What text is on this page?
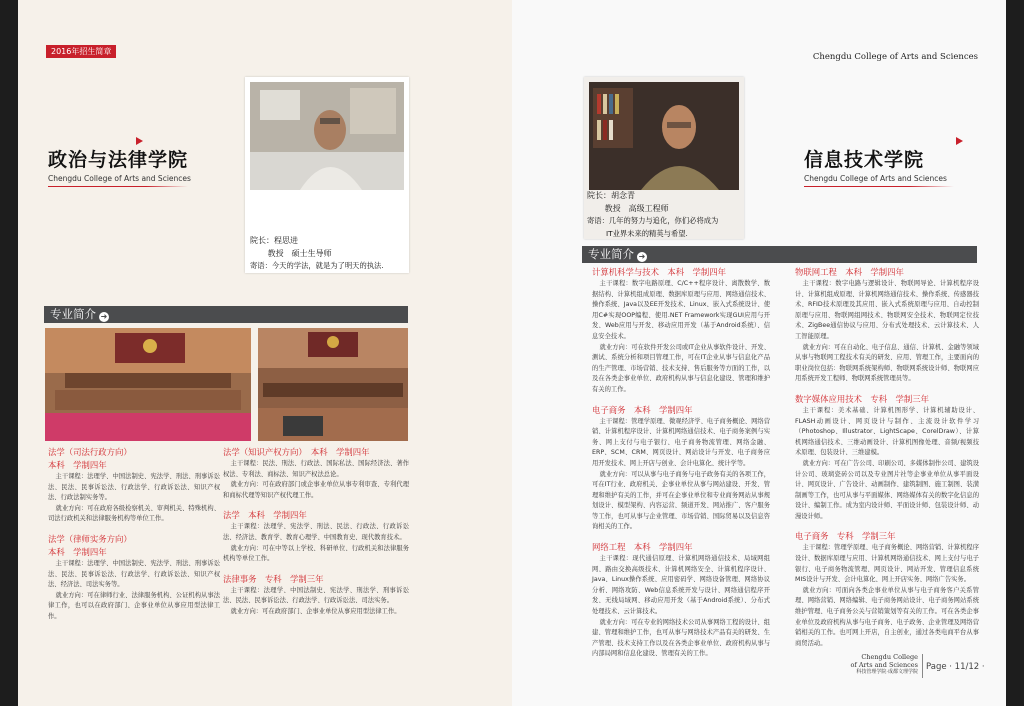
2016年招生简章
政治与法律学院
Chengdu College of Arts and Sciences
院长：程思进
教授　硕士生导师
寄语：今天的学法，就是为了明天的执法.
专业简介 ➜
法学（司法行政方向）
本科　学制四年

主干课程：法理学、中国法制史、宪法学、刑法、刑事诉讼法、民法、民事诉讼法、行政法学、行政诉讼法、知识产权法、行政法制实务等。

就业方向：可在政府各级检察机关、审判机关、特殊机构、司法行政机关和法律服务机构等单位工作。

法学（律师实务方向）
本科　学制四年

主干课程：法理学、中国法制史、宪法学、刑法、刑事诉讼法、民法、民事诉讼法、行政法学、行政诉讼法、知识产权法、经济法、司法实务等。

就业方向：可在律师行业、法律服务机构、公证机构从事法律工作，也可以在政府部门、企事业单位从事应用型法律工作。

法学（知识产权方向）　本科　学制四年

主干课程：民法、刑法、行政法、国际私法、国际经济法、著作权法、专利法、商标法、知识产权法总论。

就业方向：可在政府部门或企事业单位从事专利审查、专利代理和商标代理等知识产权代理工作。

法学　本科　学制四年

主干课程：法理学、宪法学、刑法、民法、行政法、行政诉讼法、经济法、教育学、教育心理学、中国教育史、现代教育技术。

就业方向：可在中等以上学校、科研单位、行政机关和法律服务机构等单位工作。

法律事务　专科　学制三年

主干课程：法理学、中国法制史、宪法学、刑法学、刑事诉讼法、民法、民事诉讼法、行政法学、行政诉讼法、司法实务。

就业方向：可在政府部门、企事业单位从事应用型法律工作。

Chengdu College of Arts and Sciences
院长：胡念青
教授　高级工程师
寄语：几年的努力与追化，你们必将成为
IT业界未来的精英与希望.
信息技术学院
Chengdu College of Arts and Sciences
专业简介 ➜
计算机科学与技术　本科　学制四年

主干课程：数字电路原理、C/C++程序设计、离散数学、数据结构、计算机组成原理、数据库原理与应用、网络通信技术、操作系统、Java以及EE开发技术、Linux、嵌入式系统设计、使用C#实现OOP编程、使用.NET Framework实现GUI应用与开发、Web应用与开发、移动应用开发（基于Android系统）、信息安全技术。

就业方向：可在软件开发公司或IT企业从事软件设计、开发、测试、系统分析和项目管理工作，可在IT企业从事与信息化产品的生产管理、市场营销、技术支持、售后服务等方面的工作，以及在各类企事业单位、政府机构从事与信息化建设、管理和维护有关的工作。

电子商务　本科　学制四年

主干课程：管理学原理、微观经济学、电子商务概论、网络营销、计算机程序设计、计算机网络通信技术、电子商务案例与实务、网上支付与电子银行、电子商务物流管理、网络金融、ERP、SCM、CRM、网页设计、网站设计与开发、电子商务应用开发技术、网上开店与创业、会计电算化、统计学等。

就业方向：可以从事与电子商务与电子政务有关的各项工作，可在IT行业、政府机关、企事业单位从事与网站建设、开发、管理和维护有关的工作，并可在企事业单位和专业商务网站从事规划设计、模型架构、内容运营、频道开发、网站推广、客户服务等工作，也可从事与企业管理、市场营销、国际贸易以及信息咨询相关的工作。

网络工程　本科　学制四年

主干课程：现代通信原理、计算机网络通信技术、局域网组网、路由交换高级技术、计算机网络安全、计算机程序设计、Java、Linux操作系统、应用密码学、网络设备管理、网络协议分析、网络攻防、Web信息系统开发与设计、网络通信程序开发、无线局域网、移动应用开发（基于Android系统）、分布式处理技术、云计算技术。

就业方向：可在专业的网络技术公司从事网络工程的设计、组建、管理和维护工作，也可从事与网络技术产品有关的研发、生产管理、技术支持工作以及在各类企事业单位、政府机构从事与内部局网和信息化建设、管理有关的工作。

物联网工程　本科　学制四年

主干课程：数字电路与逻辑设计、物联网导论、计算机程序设计、计算机组成原理、计算机网络通信技术、操作系统、传感器技术、RFID技术原理及其应用、嵌入式系统原理与应用、自动控制原理与应用、物联网组网技术、物联网安全技术、物联网定位技术、ZigBee通信协议与应用、分布式处理技术、云计算技术、人工智能原理。

就业方向：可在自动化、电子信息、通信、计算机、金融等领域从事与物联网工程技术有关的研发、应用、管理工作，主要面向的职业岗位包括：物联网系统架构师、物联网系统设计师、物联网应用系统开发工程师、物联网系统管理员等。

数字媒体应用技术　专科　学制三年

主干课程：美术基础、计算机图形学、计算机辅助设计、FLASH动画设计、网页设计与制作、主流设计软件学习（Photoshop、Illustrator、LightScape、CorelDraw）、计算机网络通信技术、三维动画设计、计算机图像处理、音频/视频技术原理、包装设计、三维建模。

就业方向：可在广告公司、印刷公司、多媒体制作公司、建筑设计公司、玻璃瓷砖公司以及专业图片社等企事业单位从事平面设计、网页设计、广告设计、动画制作、建筑制图、施工制图、装潢制画等工作，也可从事与平面媒体、网络媒体有关的数字化信息的设计、编制工作。成为室内设计师、平面设计师、包装设计师、动漫设计师。

电子商务　专科　学制三年

主干课程：管理学原理、电子商务概论、网络营销、计算机程序设计、数据库原理与应用、计算机网络通信技术、网上支付与电子银行、电子商务物流管理、网页设计、网站开发、管理信息系统MIS设计与开发、会计电算化、网上开店实务、网络广告实务。

就业方向：可面向各类企事业单位从事与电子商务客户关系管理、网络营销、网络编辑、电子商务网站设计、电子商务网站系统维护管理、电子商务公关与营销策划等有关的工作。可在各类企事业单位及政府机构从事与电子商务、电子政务、企业管理及网络营销相关的工作。也可网上开店，自主创业，通过各类电商平台从事商贸活动。

Chengdu College
of Arts and Sciences
科技管理学院·成都文理学院 Page · 11/12 ·
